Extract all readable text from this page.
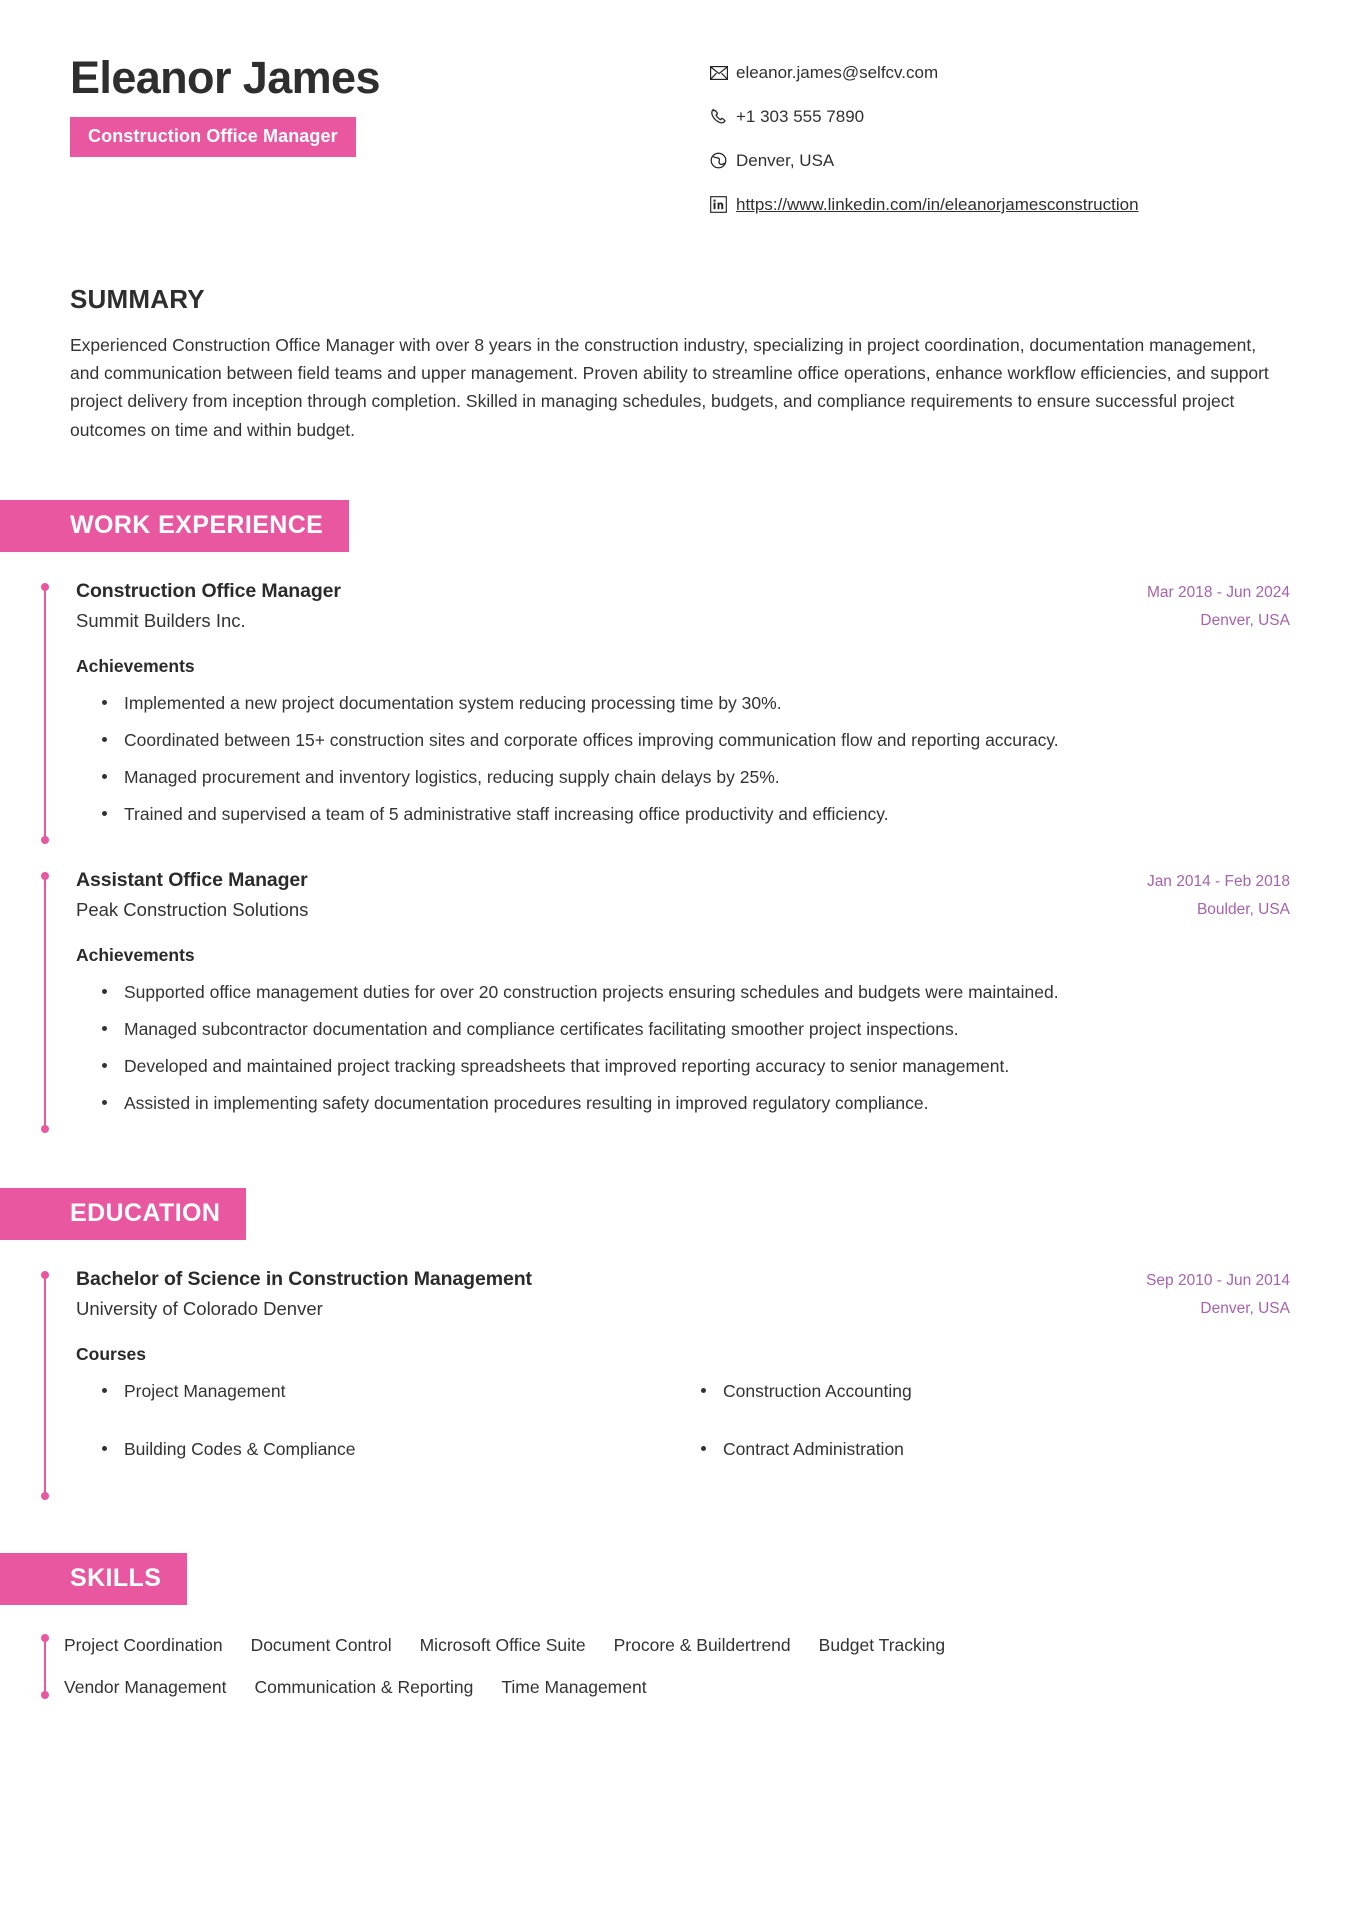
Eleanor James
Construction Office Manager
eleanor.james@selfcv.com
+1 303 555 7890
Denver, USA
https://www.linkedin.com/in/eleanorjamesconstruction
SUMMARY
Experienced Construction Office Manager with over 8 years in the construction industry, specializing in project coordination, documentation management, and communication between field teams and upper management. Proven ability to streamline office operations, enhance workflow efficiencies, and support project delivery from inception through completion. Skilled in managing schedules, budgets, and compliance requirements to ensure successful project outcomes on time and within budget.
WORK EXPERIENCE
Construction Office Manager
Summit Builders Inc.
Mar 2018 - Jun 2024
Denver, USA
Achievements
Implemented a new project documentation system reducing processing time by 30%.
Coordinated between 15+ construction sites and corporate offices improving communication flow and reporting accuracy.
Managed procurement and inventory logistics, reducing supply chain delays by 25%.
Trained and supervised a team of 5 administrative staff increasing office productivity and efficiency.
Assistant Office Manager
Peak Construction Solutions
Jan 2014 - Feb 2018
Boulder, USA
Achievements
Supported office management duties for over 20 construction projects ensuring schedules and budgets were maintained.
Managed subcontractor documentation and compliance certificates facilitating smoother project inspections.
Developed and maintained project tracking spreadsheets that improved reporting accuracy to senior management.
Assisted in implementing safety documentation procedures resulting in improved regulatory compliance.
EDUCATION
Bachelor of Science in Construction Management
University of Colorado Denver
Sep 2010 - Jun 2014
Denver, USA
Courses
Project Management	Construction Accounting
Building Codes & Compliance	Contract Administration
SKILLS
Project Coordination Document Control Microsoft Office Suite Procore & Buildertrend Budget Tracking
Vendor Management Communication & Reporting Time Management
